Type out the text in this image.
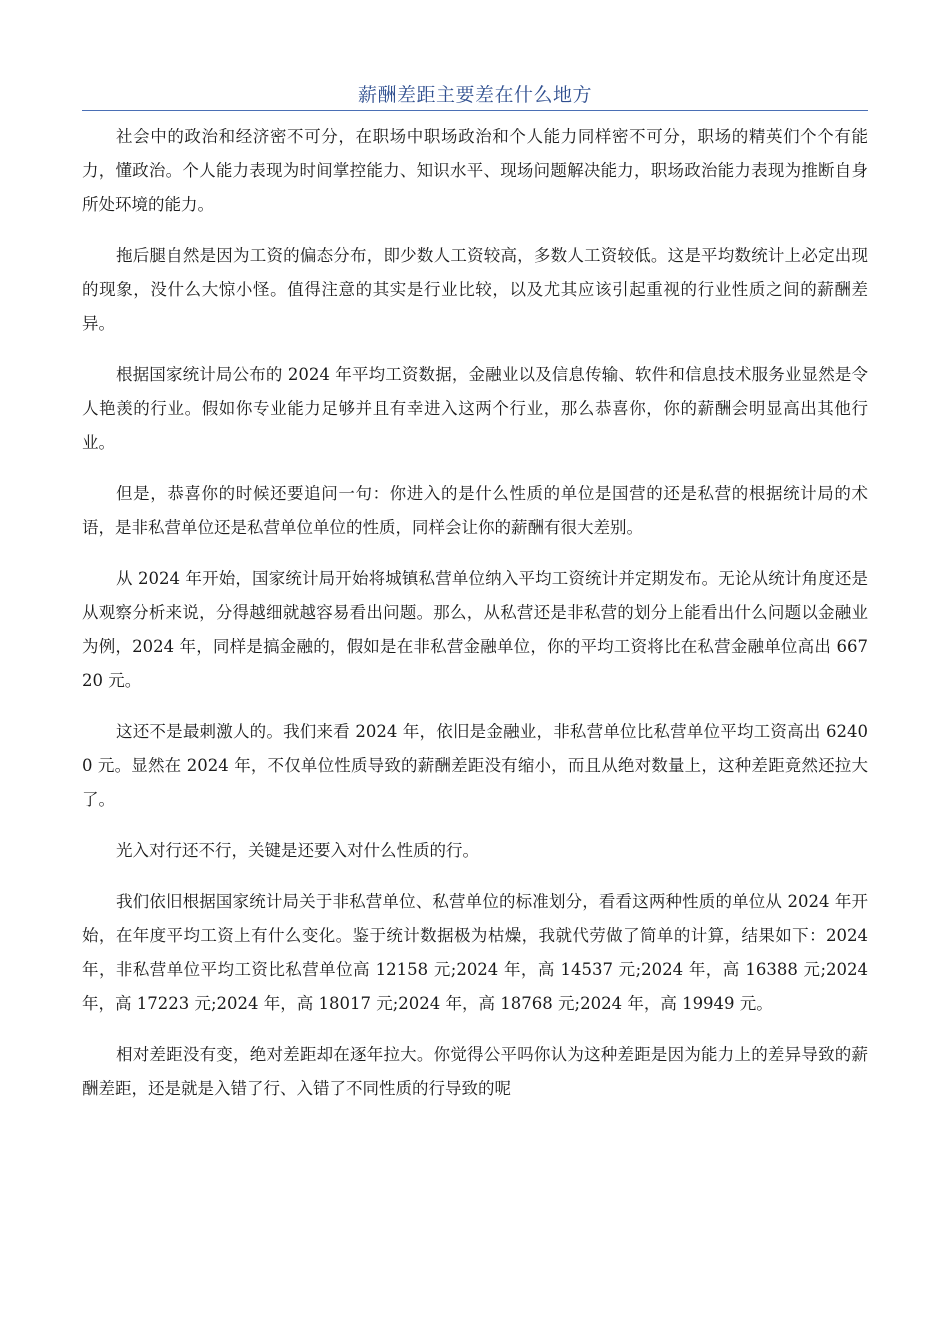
薪酬差距主要差在什么地方

社会中的政治和经济密不可分，在职场中职场政治和个人能力同样密不可分，职场的精英们个个有能力，懂政治。个人能力表现为时间掌控能力、知识水平、现场问题解决能力，职场政治能力表现为推断自身所处环境的能力。

拖后腿自然是因为工资的偏态分布，即少数人工资较高，多数人工资较低。这是平均数统计上必定出现的现象，没什么大惊小怪。值得注意的其实是行业比较，以及尤其应该引起重视的行业性质之间的薪酬差异。

根据国家统计局公布的 2024 年平均工资数据，金融业以及信息传输、软件和信息技术服务业显然是令人艳羡的行业。假如你专业能力足够并且有幸进入这两个行业，那么恭喜你，你的薪酬会明显高出其他行业。

但是，恭喜你的时候还要追问一句：你进入的是什么性质的单位是国营的还是私营的根据统计局的术语，是非私营单位还是私营单位单位的性质，同样会让你的薪酬有很大差别。

从 2024 年开始，国家统计局开始将城镇私营单位纳入平均工资统计并定期发布。无论从统计角度还是从观察分析来说，分得越细就越容易看出问题。那么，从私营还是非私营的划分上能看出什么问题以金融业为例，2024 年，同样是搞金融的，假如是在非私营金融单位，你的平均工资将比在私营金融单位高出 66720 元。

这还不是最刺激人的。我们来看 2024 年，依旧是金融业，非私营单位比私营单位平均工资高出 62400 元。显然在 2024 年，不仅单位性质导致的薪酬差距没有缩小，而且从绝对数量上，这种差距竟然还拉大了。

光入对行还不行，关键是还要入对什么性质的行。

我们依旧根据国家统计局关于非私营单位、私营单位的标准划分，看看这两种性质的单位从 2024 年开始，在年度平均工资上有什么变化。鉴于统计数据极为枯燥，我就代劳做了简单的计算，结果如下：2024 年，非私营单位平均工资比私营单位高 12158 元;2024 年，高 14537 元;2024 年，高 16388 元;2024 年，高 17223 元;2024 年，高 18017 元;2024 年，高 18768 元;2024 年，高 19949 元。

相对差距没有变，绝对差距却在逐年拉大。你觉得公平吗你认为这种差距是因为能力上的差异导致的薪酬差距，还是就是入错了行、入错了不同性质的行导致的呢
